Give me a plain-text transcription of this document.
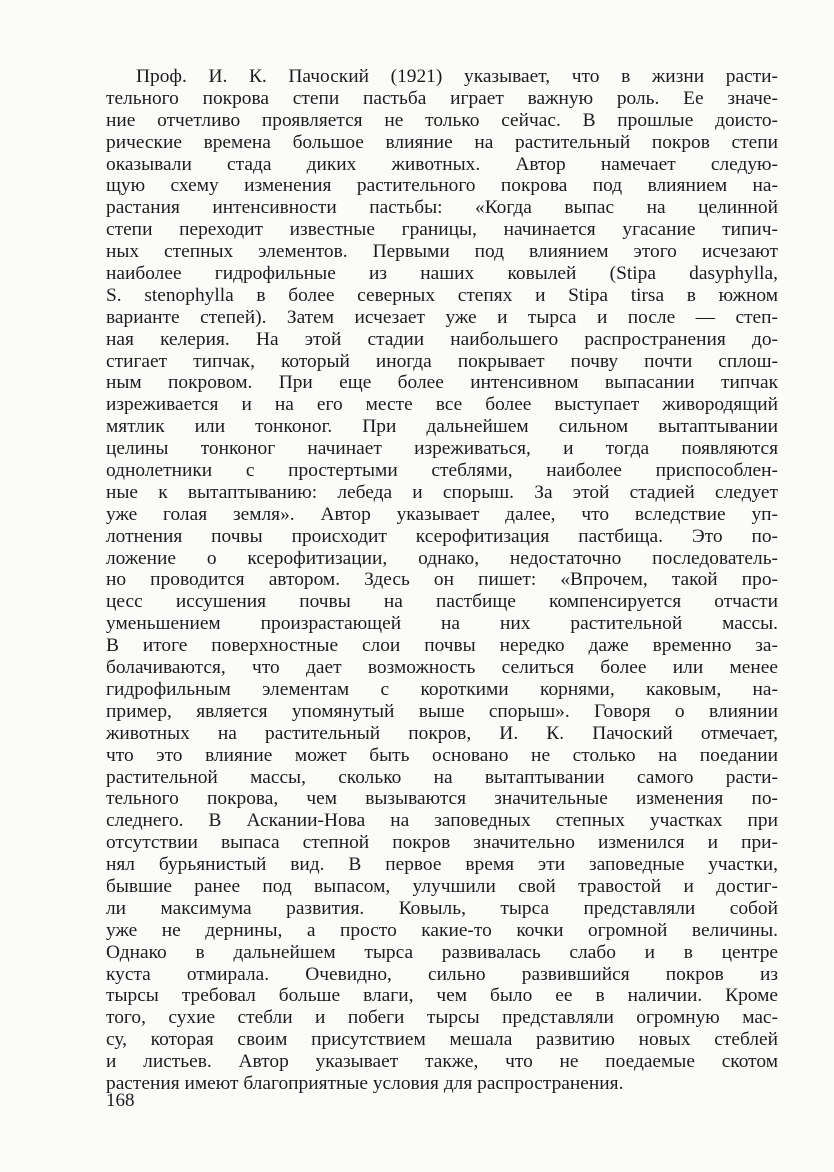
Проф. И. К. Пачоский (1921) указывает, что в жизни расти-
тельного покрова степи пастьба играет важную роль. Ее значе-
ние отчетливо проявляется не только сейчас. В прошлые доисто-
рические времена большое влияние на растительный покров степи
оказывали стада диких животных. Автор намечает следую-
щую схему изменения растительного покрова под влиянием на-
растания интенсивности пастьбы: «Когда выпас на целинной
степи переходит известные границы, начинается угасание типич-
ных степных элементов. Первыми под влиянием этого исчезают
наиболее гидрофильные из наших ковылей (Stipa dasyphylla,
S. stenophylla в более северных степях и Stipa tirsa в южном
варианте степей). Затем исчезает уже и тырса и после — степ-
ная келерия. На этой стадии наибольшего распространения до-
стигает типчак, который иногда покрывает почву почти сплош-
ным покровом. При еще более интенсивном выпасании типчак
изреживается и на его месте все более выступает живородящий
мятлик или тонконог. При дальнейшем сильном вытаптывании
целины тонконог начинает изреживаться, и тогда появляются
однолетники с простертыми стеблями, наиболее приспособлен-
ные к вытаптыванию: лебеда и спорыш. За этой стадией следует
уже голая земля». Автор указывает далее, что вследствие уп-
лотнения почвы происходит ксерофитизация пастбища. Это по-
ложение о ксерофитизации, однако, недостаточно последователь-
но проводится автором. Здесь он пишет: «Впрочем, такой про-
цесс иссушения почвы на пастбище компенсируется отчасти
уменьшением произрастающей на них растительной массы.
В итоге поверхностные слои почвы нередко даже временно за-
болачиваются, что дает возможность селиться более или менее
гидрофильным элементам с короткими корнями, каковым, на-
пример, является упомянутый выше спорыш». Говоря о влиянии
животных на растительный покров, И. К. Пачоский отмечает,
что это влияние может быть основано не столько на поедании
растительной массы, сколько на вытаптывании самого расти-
тельного покрова, чем вызываются значительные изменения по-
следнего. В Аскании-Нова на заповедных степных участках при
отсутствии выпаса степной покров значительно изменился и при-
нял бурьянистый вид. В первое время эти заповедные участки,
бывшие ранее под выпасом, улучшили свой травостой и достиг-
ли максимума развития. Ковыль, тырса представляли собой
уже не дернины, а просто какие-то кочки огромной величины.
Однако в дальнейшем тырса развивалась слабо и в центре
куста отмирала. Очевидно, сильно развившийся покров из
тырсы требовал больше влаги, чем было ее в наличии. Кроме
того, сухие стебли и побеги тырсы представляли огромную мас-
су, которая своим присутствием мешала развитию новых стеблей
и листьев. Автор указывает также, что не поедаемые скотом
растения имеют благоприятные условия для распространения.
168
